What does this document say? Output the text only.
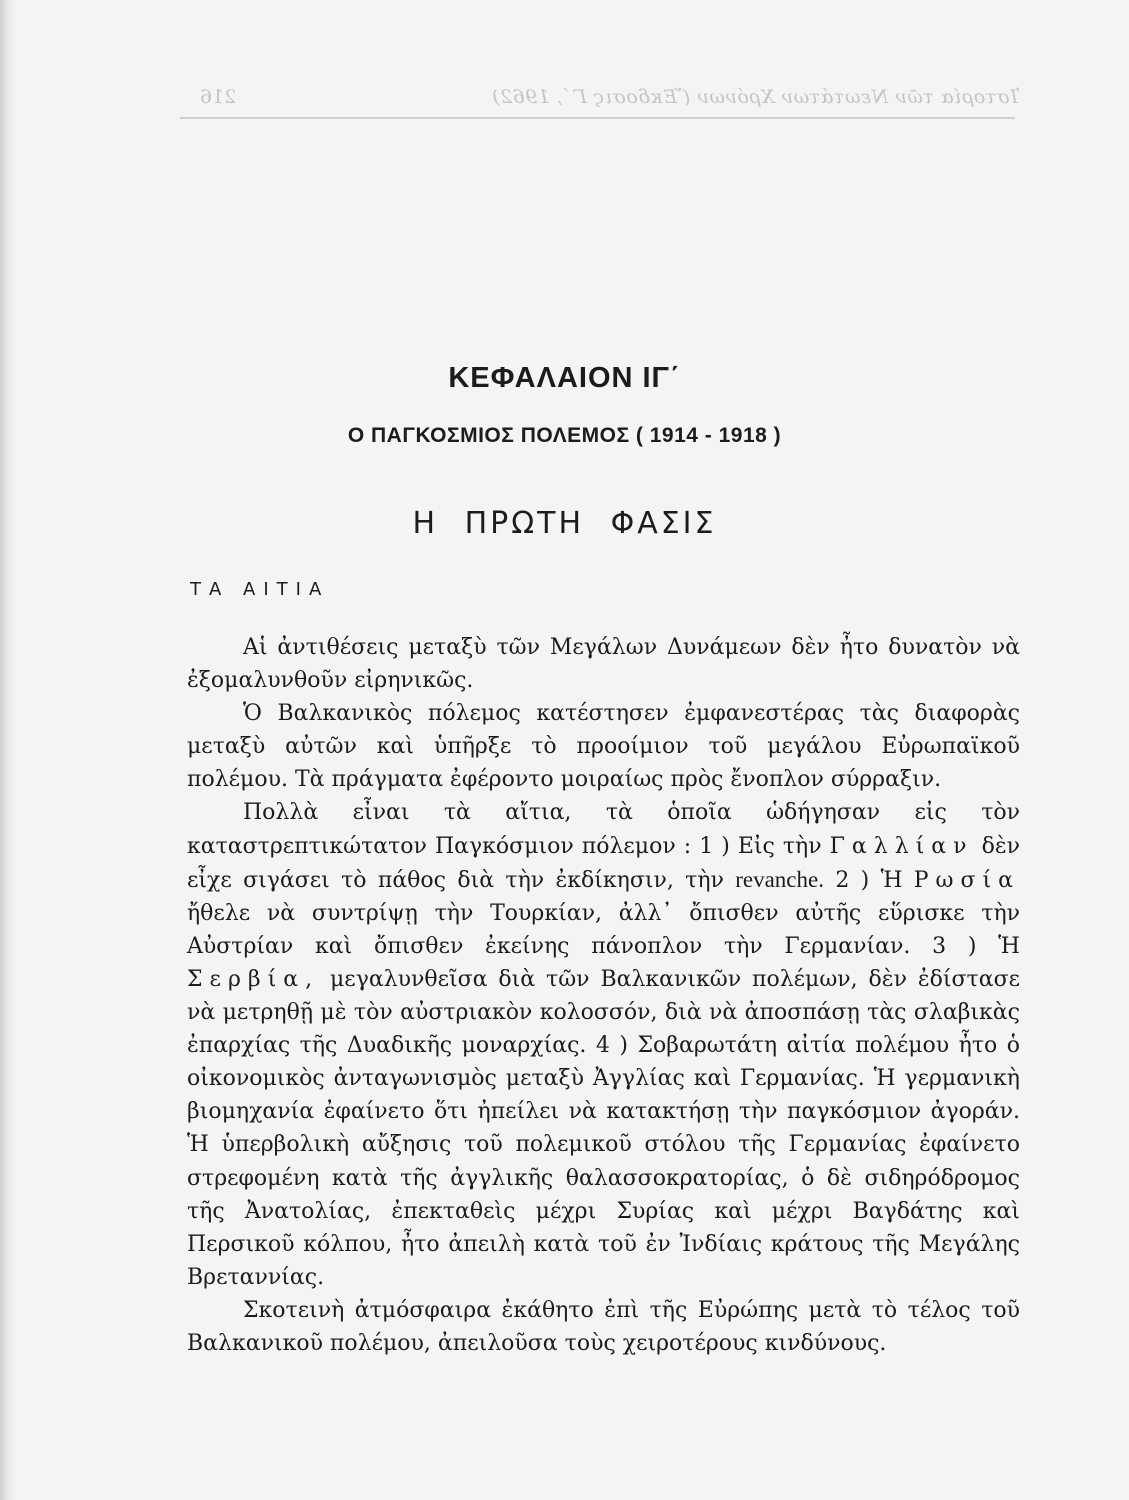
216	Ἱστορία τῶν Νεωτάτων Χρόνων (Ἔκδοσις Γ΄, 1962)
ΚΕΦΑΛΑΙΟΝ ΙΓ΄
Ο ΠΑΓΚΟΣΜΙΟΣ ΠΟΛΕΜΟΣ ( 1914 - 1918 )
Η ΠΡΩΤΗ ΦΑΣΙΣ
ΤΑ ΑΙΤΙΑ

Αἱ ἀντιθέσεις μεταξὺ τῶν Μεγάλων Δυνάμεων δὲν ἦτο δυνατὸν νὰ ἐξομαλυνθοῦν εἰρηνικῶς.

Ὁ Βαλκανικὸς πόλεμος κατέστησεν ἐμφανεστέρας τὰς διαφορὰς μεταξὺ αὐτῶν καὶ ὑπῆρξε τὸ προοίμιον τοῦ μεγάλου Εὐρωπαϊκοῦ πολέμου. Τὰ πράγματα ἐφέροντο μοιραίως πρὸς ἔνοπλον σύρραξιν.

Πολλὰ εἶναι τὰ αἴτια, τὰ ὁποῖα ὡδήγησαν εἰς τὸν καταστρεπτικώτατον Παγκόσμιον πόλεμον : 1 ) Εἰς τὴν Γαλλίαν δὲν εἶχε σιγάσει τὸ πάθος διὰ τὴν ἐκδίκησιν, τὴν revanche. 2 ) Ἡ Ρωσία ἤθελε νὰ συντρίψῃ τὴν Τουρκίαν, ἀλλ᾽ ὄπισθεν αὐτῆς εὕρισκε τὴν Αὐστρίαν καὶ ὄπισθεν ἐκείνης πάνοπλον τὴν Γερμανίαν. 3 ) Ἡ Σερβία, μεγαλυνθεῖσα διὰ τῶν Βαλκανικῶν πολέμων, δὲν ἐδίστασε νὰ μετρηθῇ μὲ τὸν αὐστριακὸν κολοσσόν, διὰ νὰ ἀποσπάσῃ τὰς σλαβικὰς ἐπαρχίας τῆς Δυαδικῆς μοναρχίας. 4 ) Σοβαρωτάτη αἰτία πολέμου ἦτο ὁ οἰκονομικὸς ἀνταγωνισμὸς μεταξὺ Ἀγγλίας καὶ Γερμανίας. Ἡ γερμανικὴ βιομηχανία ἐφαίνετο ὅτι ἠπείλει νὰ κατακτήσῃ τὴν παγκόσμιον ἀγοράν. Ἡ ὑπερβολικὴ αὔξησις τοῦ πολεμικοῦ στόλου τῆς Γερμανίας ἐφαίνετο στρεφομένη κατὰ τῆς ἀγγλικῆς θαλασσοκρατορίας, ὁ δὲ σιδηρόδρομος τῆς Ἀνατολίας, ἐπεκταθεὶς μέχρι Συρίας καὶ μέχρι Βαγδάτης καὶ Περσικοῦ κόλπου, ἦτο ἀπειλὴ κατὰ τοῦ ἐν Ἰνδίαις κράτους τῆς Μεγάλης Βρεταννίας.

Σκοτεινὴ ἀτμόσφαιρα ἐκάθητο ἐπὶ τῆς Εὐρώπης μετὰ τὸ τέλος τοῦ Βαλκανικοῦ πολέμου, ἀπειλοῦσα τοὺς χειροτέρους κινδύνους.
